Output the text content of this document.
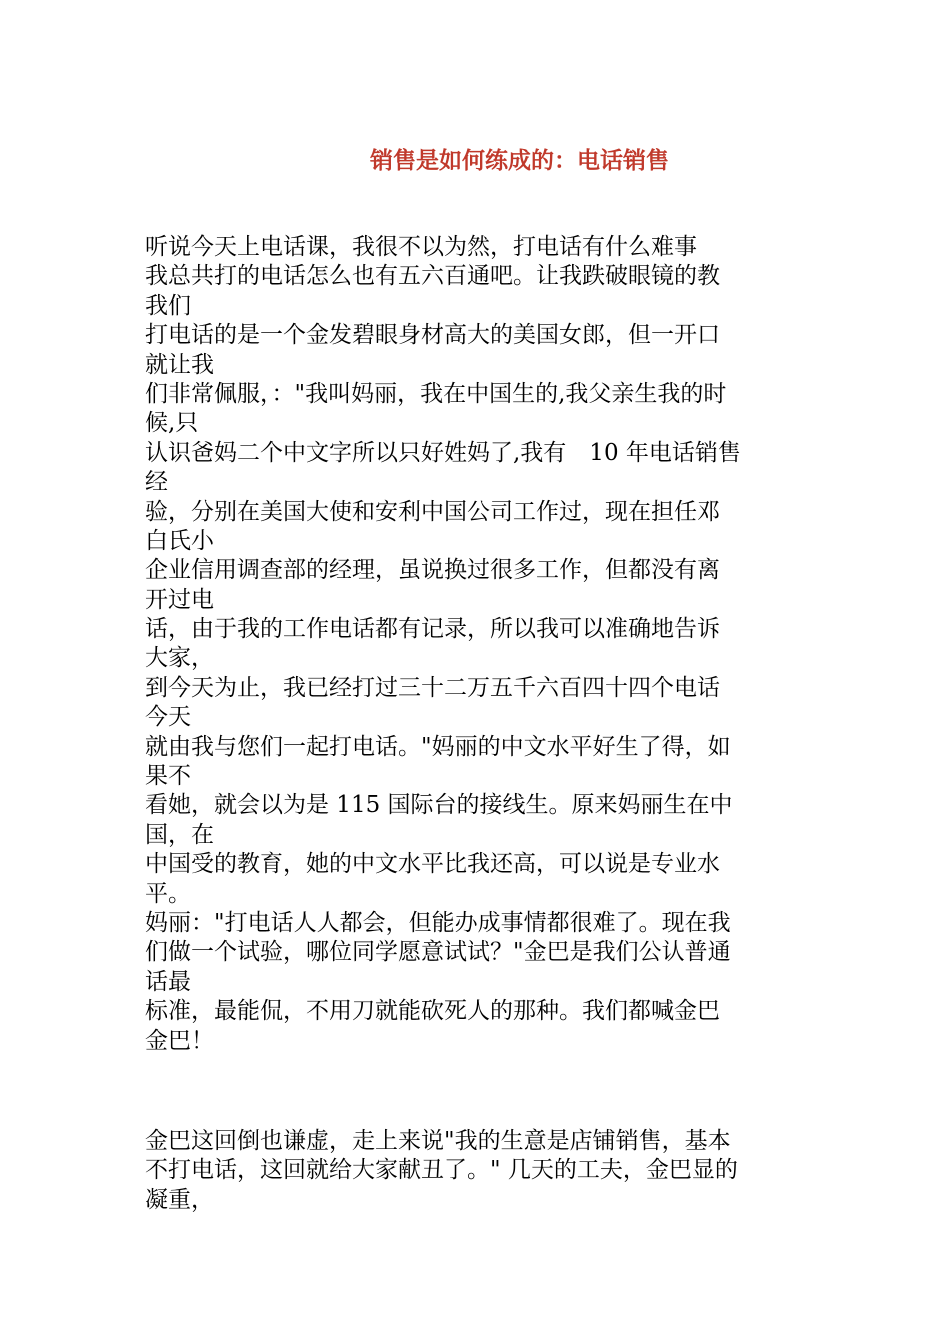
销售是如何练成的：电话销售
听说今天上电话课，我很不以为然，打电话有什么难事
我总共打的电话怎么也有五六百通吧。让我跌破眼镜的教
我们
打电话的是一个金发碧眼身材高大的美国女郎，但一开口
就让我
们非常佩服，："我叫妈丽，我在中国生的,我父亲生我的时
候,只
认识爸妈二个中文字所以只好姓妈了,我有　10 年电话销售
经
验，分别在美国大使和安利中国公司工作过，现在担任邓
白氏小
企业信用调查部的经理，虽说换过很多工作，但都没有离
开过电
话，由于我的工作电话都有记录，所以我可以准确地告诉
大家，
到今天为止，我已经打过三十二万五千六百四十四个电话
今天
就由我与您们一起打电话。"妈丽的中文水平好生了得，如
果不
看她，就会以为是 115 国际台的接线生。原来妈丽生在中
国，在
中国受的教育，她的中文水平比我还高，可以说是专业水
平。
妈丽："打电话人人都会，但能办成事情都很难了。现在我
们做一个试验，哪位同学愿意试试？"金巴是我们公认普通
话最
标准，最能侃，不用刀就能砍死人的那种。我们都喊金巴
金巴！
金巴这回倒也谦虚，走上来说"我的生意是店铺销售，基本
不打电话，这回就给大家献丑了。" 几天的工夫，金巴显的
凝重，
